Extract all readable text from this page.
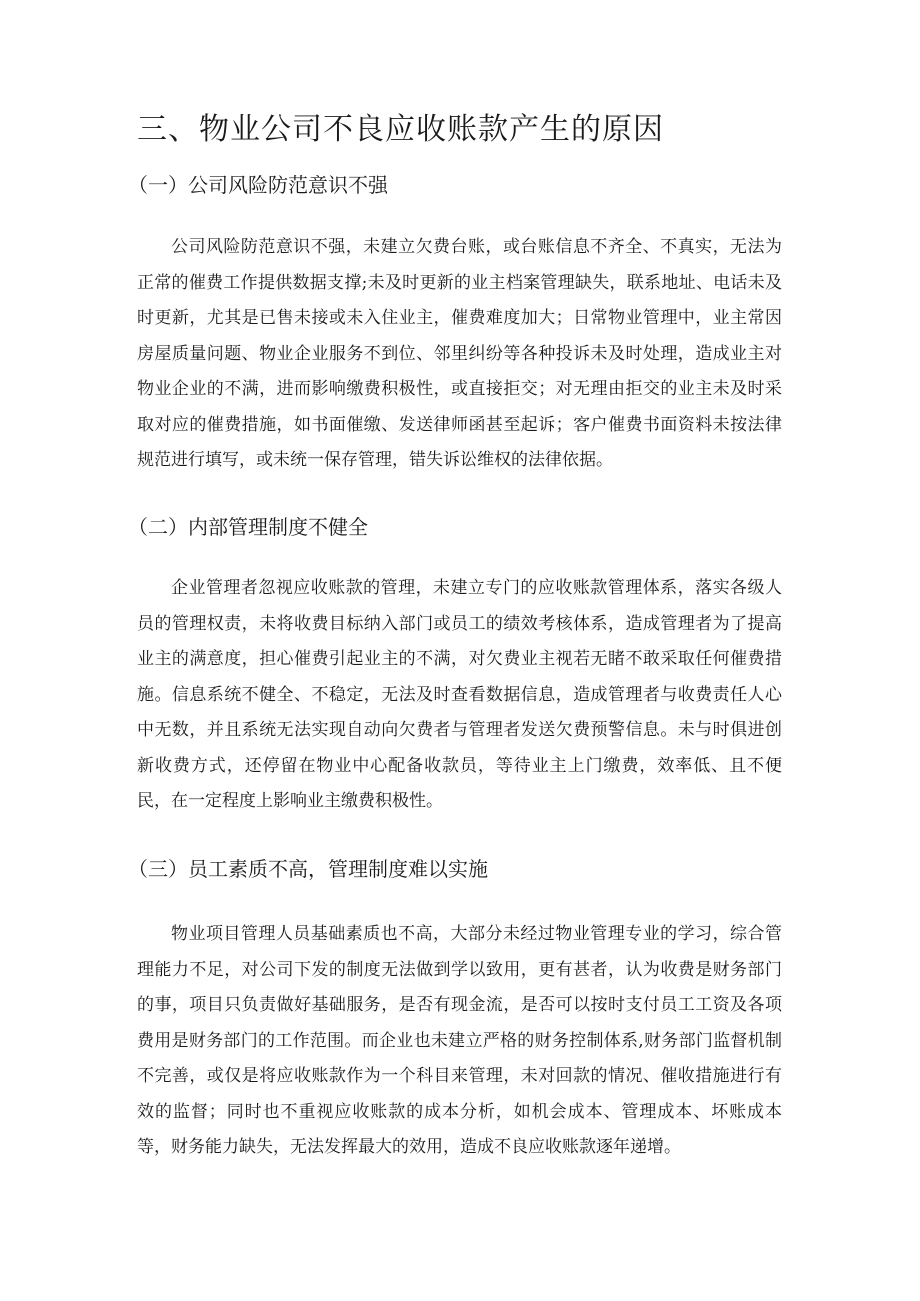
三、物业公司不良应收账款产生的原因
（一）公司风险防范意识不强

公司风险防范意识不强，未建立欠费台账，或台账信息不齐全、不真实，无法为正常的催费工作提供数据支撑;未及时更新的业主档案管理缺失，联系地址、电话未及时更新，尤其是已售未接或未入住业主，催费难度加大；日常物业管理中，业主常因房屋质量问题、物业企业服务不到位、邻里纠纷等各种投诉未及时处理，造成业主对物业企业的不满，进而影响缴费积极性，或直接拒交；对无理由拒交的业主未及时采取对应的催费措施，如书面催缴、发送律师函甚至起诉；客户催费书面资料未按法律规范进行填写，或未统一保存管理，错失诉讼维权的法律依据。

（二）内部管理制度不健全

企业管理者忽视应收账款的管理，未建立专门的应收账款管理体系，落实各级人员的管理权责，未将收费目标纳入部门或员工的绩效考核体系，造成管理者为了提高业主的满意度，担心催费引起业主的不满，对欠费业主视若无睹不敢采取任何催费措施。信息系统不健全、不稳定，无法及时查看数据信息，造成管理者与收费责任人心中无数，并且系统无法实现自动向欠费者与管理者发送欠费预警信息。未与时俱进创新收费方式，还停留在物业中心配备收款员，等待业主上门缴费，效率低、且不便民，在一定程度上影响业主缴费积极性。

（三）员工素质不高，管理制度难以实施

物业项目管理人员基础素质也不高，大部分未经过物业管理专业的学习，综合管理能力不足，对公司下发的制度无法做到学以致用，更有甚者，认为收费是财务部门的事，项目只负责做好基础服务，是否有现金流，是否可以按时支付员工工资及各项费用是财务部门的工作范围。而企业也未建立严格的财务控制体系,财务部门监督机制不完善，或仅是将应收账款作为一个科目来管理，未对回款的情况、催收措施进行有效的监督；同时也不重视应收账款的成本分析，如机会成本、管理成本、坏账成本等，财务能力缺失，无法发挥最大的效用，造成不良应收账款逐年递增。
